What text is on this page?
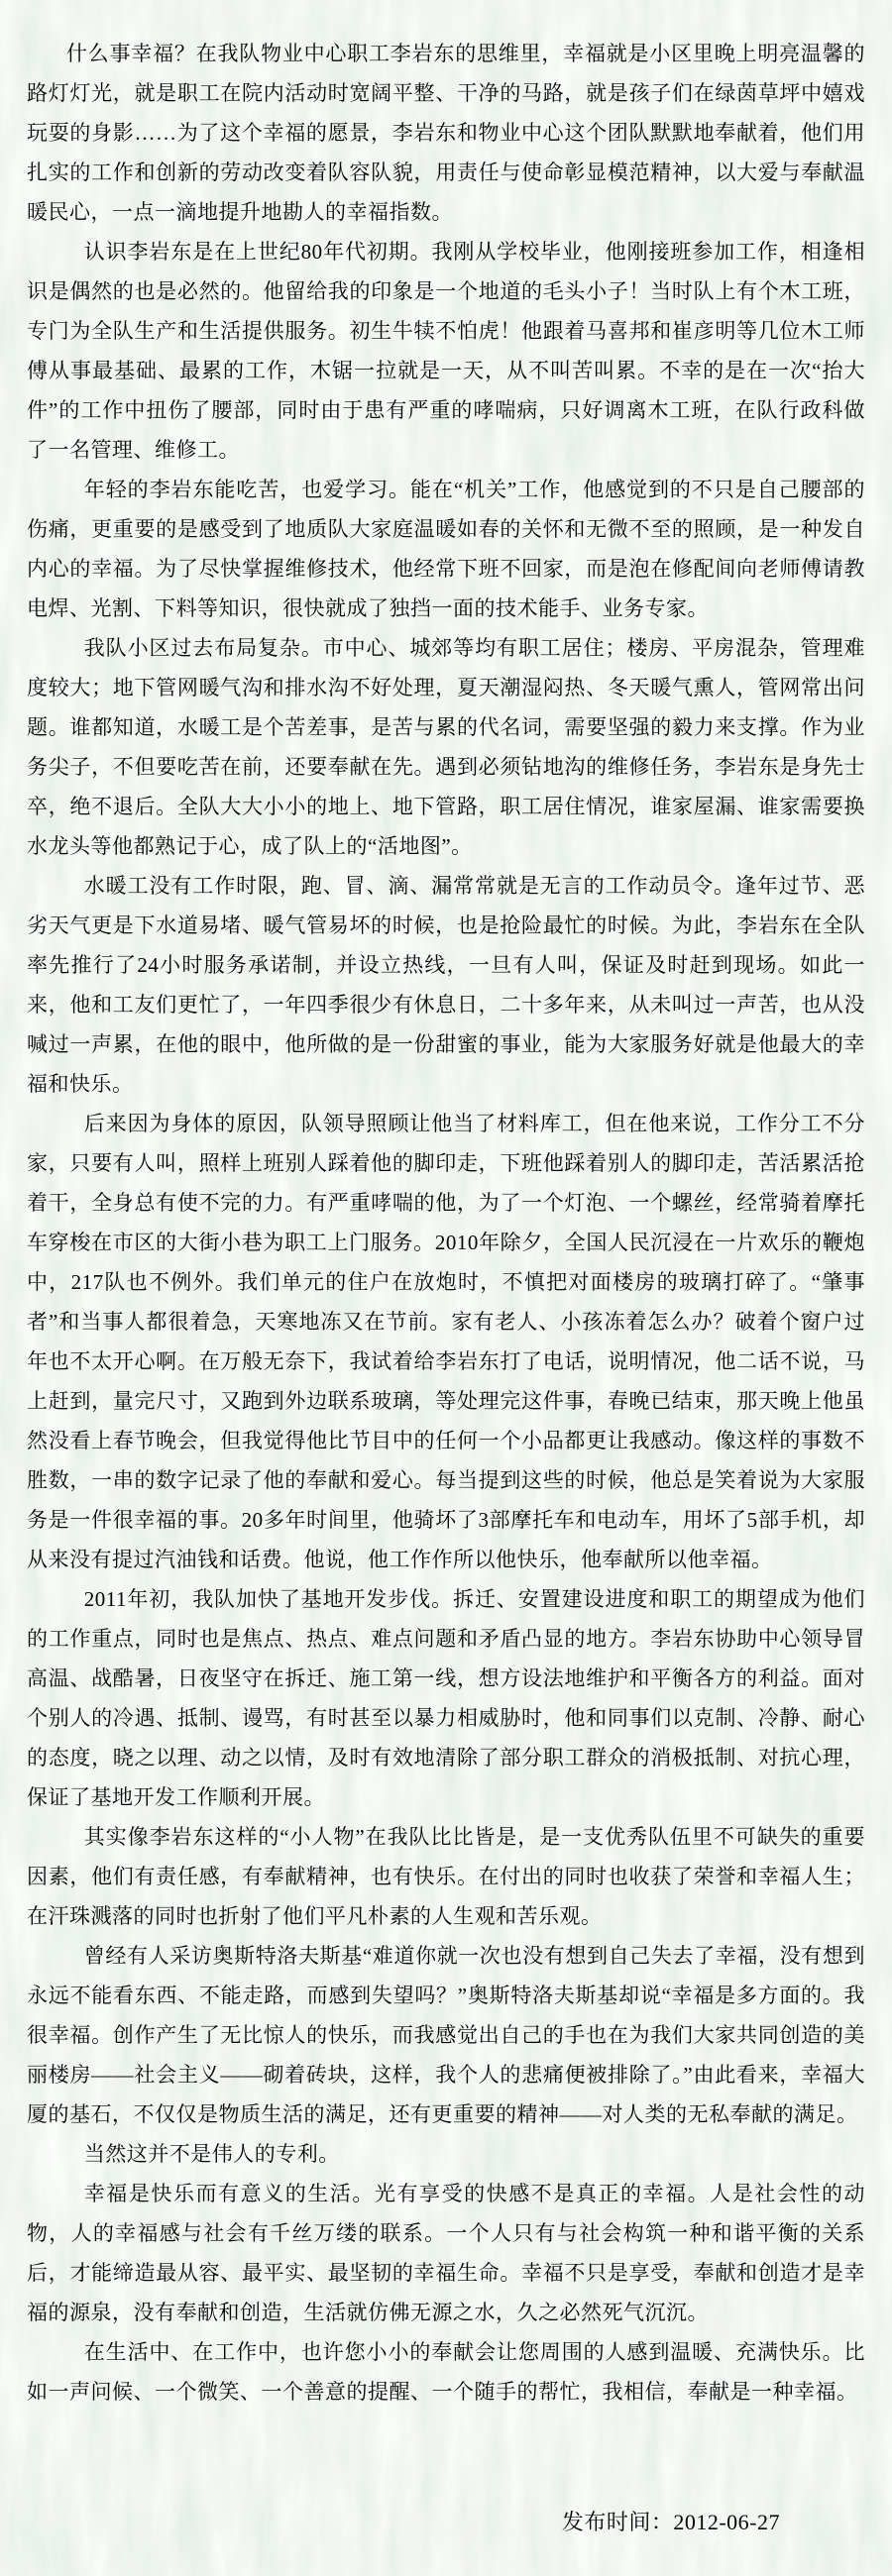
什么事幸福？在我队物业中心职工李岩东的思维里，幸福就是小区里晚上明亮温馨的路灯灯光，就是职工在院内活动时宽阔平整、干净的马路，就是孩子们在绿茵草坪中嬉戏玩耍的身影……为了这个幸福的愿景，李岩东和物业中心这个团队默默地奉献着，他们用扎实的工作和创新的劳动改变着队容队貌，用责任与使命彰显模范精神，以大爱与奉献温暖民心，一点一滴地提升地勘人的幸福指数。

认识李岩东是在上世纪80年代初期。我刚从学校毕业，他刚接班参加工作，相逢相识是偶然的也是必然的。他留给我的印象是一个地道的毛头小子！当时队上有个木工班，专门为全队生产和生活提供服务。初生牛犊不怕虎！他跟着马喜邦和崔彦明等几位木工师傅从事最基础、最累的工作，木锯一拉就是一天，从不叫苦叫累。不幸的是在一次“抬大件”的工作中扭伤了腰部，同时由于患有严重的哮喘病，只好调离木工班，在队行政科做了一名管理、维修工。

年轻的李岩东能吃苦，也爱学习。能在“机关”工作，他感觉到的不只是自己腰部的伤痛，更重要的是感受到了地质队大家庭温暖如春的关怀和无微不至的照顾，是一种发自内心的幸福。为了尽快掌握维修技术，他经常下班不回家，而是泡在修配间向老师傅请教电焊、光割、下料等知识，很快就成了独挡一面的技术能手、业务专家。

我队小区过去布局复杂。市中心、城郊等均有职工居住；楼房、平房混杂，管理难度较大；地下管网暖气沟和排水沟不好处理，夏天潮湿闷热、冬天暖气熏人，管网常出问题。谁都知道，水暖工是个苦差事，是苦与累的代名词，需要坚强的毅力来支撑。作为业务尖子，不但要吃苦在前，还要奉献在先。遇到必须钻地沟的维修任务，李岩东是身先士卒，绝不退后。全队大大小小的地上、地下管路，职工居住情况，谁家屋漏、谁家需要换水龙头等他都熟记于心，成了队上的“活地图”。

水暖工没有工作时限，跑、冒、滴、漏常常就是无言的工作动员令。逢年过节、恶劣天气更是下水道易堵、暖气管易坏的时候，也是抢险最忙的时候。为此，李岩东在全队率先推行了24小时服务承诺制，并设立热线，一旦有人叫，保证及时赶到现场。如此一来，他和工友们更忙了，一年四季很少有休息日，二十多年来，从未叫过一声苦，也从没喊过一声累，在他的眼中，他所做的是一份甜蜜的事业，能为大家服务好就是他最大的幸福和快乐。

后来因为身体的原因，队领导照顾让他当了材料库工，但在他来说，工作分工不分家，只要有人叫，照样上班别人踩着他的脚印走，下班他踩着别人的脚印走，苦活累活抢着干，全身总有使不完的力。有严重哮喘的他，为了一个灯泡、一个螺丝，经常骑着摩托车穿梭在市区的大街小巷为职工上门服务。2010年除夕，全国人民沉浸在一片欢乐的鞭炮中，217队也不例外。我们单元的住户在放炮时，不慎把对面楼房的玻璃打碎了。“肇事者”和当事人都很着急，天寒地冻又在节前。家有老人、小孩冻着怎么办？破着个窗户过年也不太开心啊。在万般无奈下，我试着给李岩东打了电话，说明情况，他二话不说，马上赶到，量完尺寸，又跑到外边联系玻璃，等处理完这件事，春晚已结束，那天晚上他虽然没看上春节晚会，但我觉得他比节目中的任何一个小品都更让我感动。像这样的事数不胜数，一串的数字记录了他的奉献和爱心。每当提到这些的时候，他总是笑着说为大家服务是一件很幸福的事。20多年时间里，他骑坏了3部摩托车和电动车，用坏了5部手机，却从来没有提过汽油钱和话费。他说，他工作作所以他快乐，他奉献所以他幸福。

2011年初，我队加快了基地开发步伐。拆迁、安置建设进度和职工的期望成为他们的工作重点，同时也是焦点、热点、难点问题和矛盾凸显的地方。李岩东协助中心领导冒高温、战酷暑，日夜坚守在拆迁、施工第一线，想方设法地维护和平衡各方的利益。面对个别人的冷遇、抵制、谩骂，有时甚至以暴力相威胁时，他和同事们以克制、冷静、耐心的态度，晓之以理、动之以情，及时有效地清除了部分职工群众的消极抵制、对抗心理，保证了基地开发工作顺利开展。

其实像李岩东这样的“小人物”在我队比比皆是，是一支优秀队伍里不可缺失的重要因素，他们有责任感，有奉献精神，也有快乐。在付出的同时也收获了荣誉和幸福人生；在汗珠溅落的同时也折射了他们平凡朴素的人生观和苦乐观。

曾经有人采访奥斯特洛夫斯基“难道你就一次也没有想到自己失去了幸福，没有想到永远不能看东西、不能走路，而感到失望吗？”奥斯特洛夫斯基却说“幸福是多方面的。我很幸福。创作产生了无比惊人的快乐，而我感觉出自己的手也在为我们大家共同创造的美丽楼房——社会主义——砌着砖块，这样，我个人的悲痛便被排除了。”由此看来，幸福大厦的基石，不仅仅是物质生活的满足，还有更重要的精神——对人类的无私奉献的满足。

当然这并不是伟人的专利。

幸福是快乐而有意义的生活。光有享受的快感不是真正的幸福。人是社会性的动物，人的幸福感与社会有千丝万缕的联系。一个人只有与社会构筑一种和谐平衡的关系后，才能缔造最从容、最平实、最坚韧的幸福生命。幸福不只是享受，奉献和创造才是幸福的源泉，没有奉献和创造，生活就仿佛无源之水，久之必然死气沉沉。

在生活中、在工作中，也许您小小的奉献会让您周围的人感到温暖、充满快乐。比如一声问候、一个微笑、一个善意的提醒、一个随手的帮忙，我相信，奉献是一种幸福。

发布时间：2012-06-27
